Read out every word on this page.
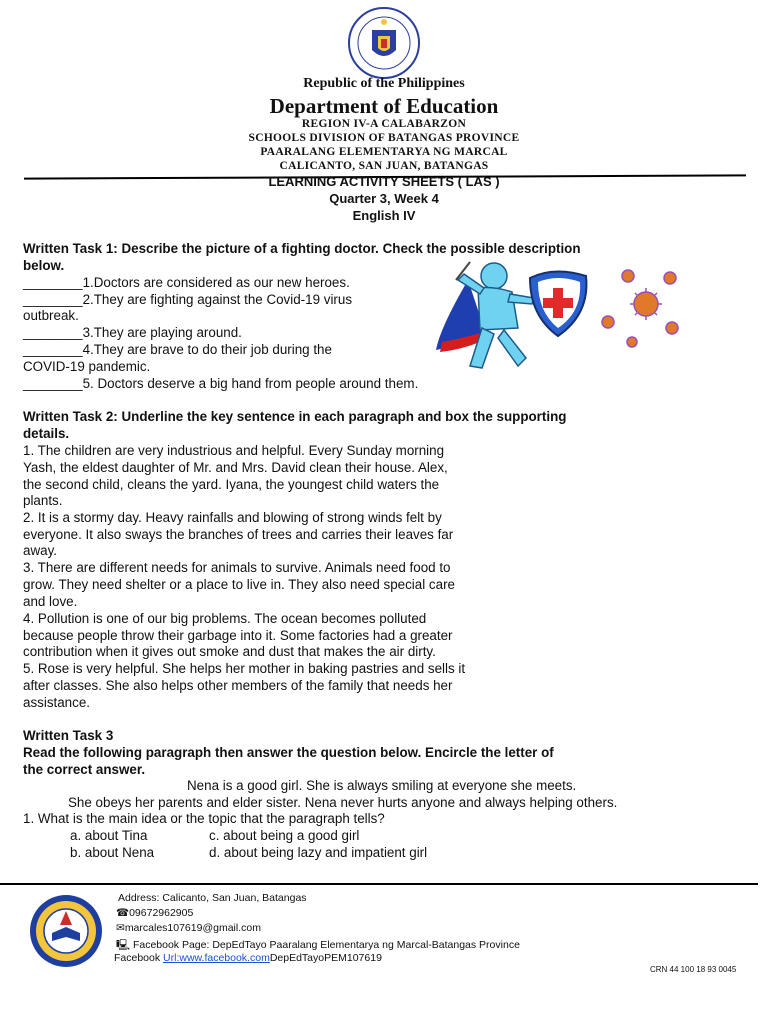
Republic of the Philippines
Department of Education
REGION IV-A CALABARZON
SCHOOLS DIVISION OF BATANGAS PROVINCE
PAARALANG ELEMENTARYA NG MARCAL
CALICANTO, SAN JUAN, BATANGAS
LEARNING ACTIVITY SHEETS ( LAS )
Quarter 3, Week 4
English IV
Written Task 1: Describe the picture of a fighting doctor. Check the possible description
below.
________1.Doctors are considered as our new heroes.
________2.They are fighting against the Covid-19 virus
outbreak.
________3.They are playing around.
________4.They are brave to do their job during the
COVID-19 pandemic.
________5. Doctors deserve a big hand from people around them.
Written Task 2: Underline the key sentence in each paragraph and box the supporting
details.
1. The children are very industrious and helpful. Every Sunday morning
Yash, the eldest daughter of Mr. and Mrs. David clean their house. Alex,
the second child, cleans the yard. Iyana, the youngest child waters the
plants.
2. It is a stormy day. Heavy rainfalls and blowing of strong winds felt by
everyone. It also sways the branches of trees and carries their leaves far
away.
3. There are different needs for animals to survive. Animals need food to
grow. They need shelter or a place to live in. They also need special care
and love.
4. Pollution is one of our big problems. The ocean becomes polluted
because people throw their garbage into it. Some factories had a greater
contribution when it gives out smoke and dust that makes the air dirty.
5. Rose is very helpful. She helps her mother in baking pastries and sells it
after classes. She also helps other members of the family that needs her
assistance.
Written Task 3
Read the following paragraph then answer the question below. Encircle the letter of
the correct answer.
Nena is a good girl. She is always smiling at everyone she meets.
She obeys her parents and elder sister. Nena never hurts anyone and always helping others.
1. What is the main idea or the topic that the paragraph tells?
a. about Tina	c. about being a good girl
b. about Nena	d. about being lazy and impatient girl
Address: Calicanto, San Juan, Batangas
☎09672962905
✉marcales107619@gmail.com
🖳 Facebook Page: DepEdTayo Paaralang Elementarya ng Marcal-Batangas Province
Facebook Url:www.facebook.comDepEdTayoPEM107619
CRN 44 100 18 93 0045
